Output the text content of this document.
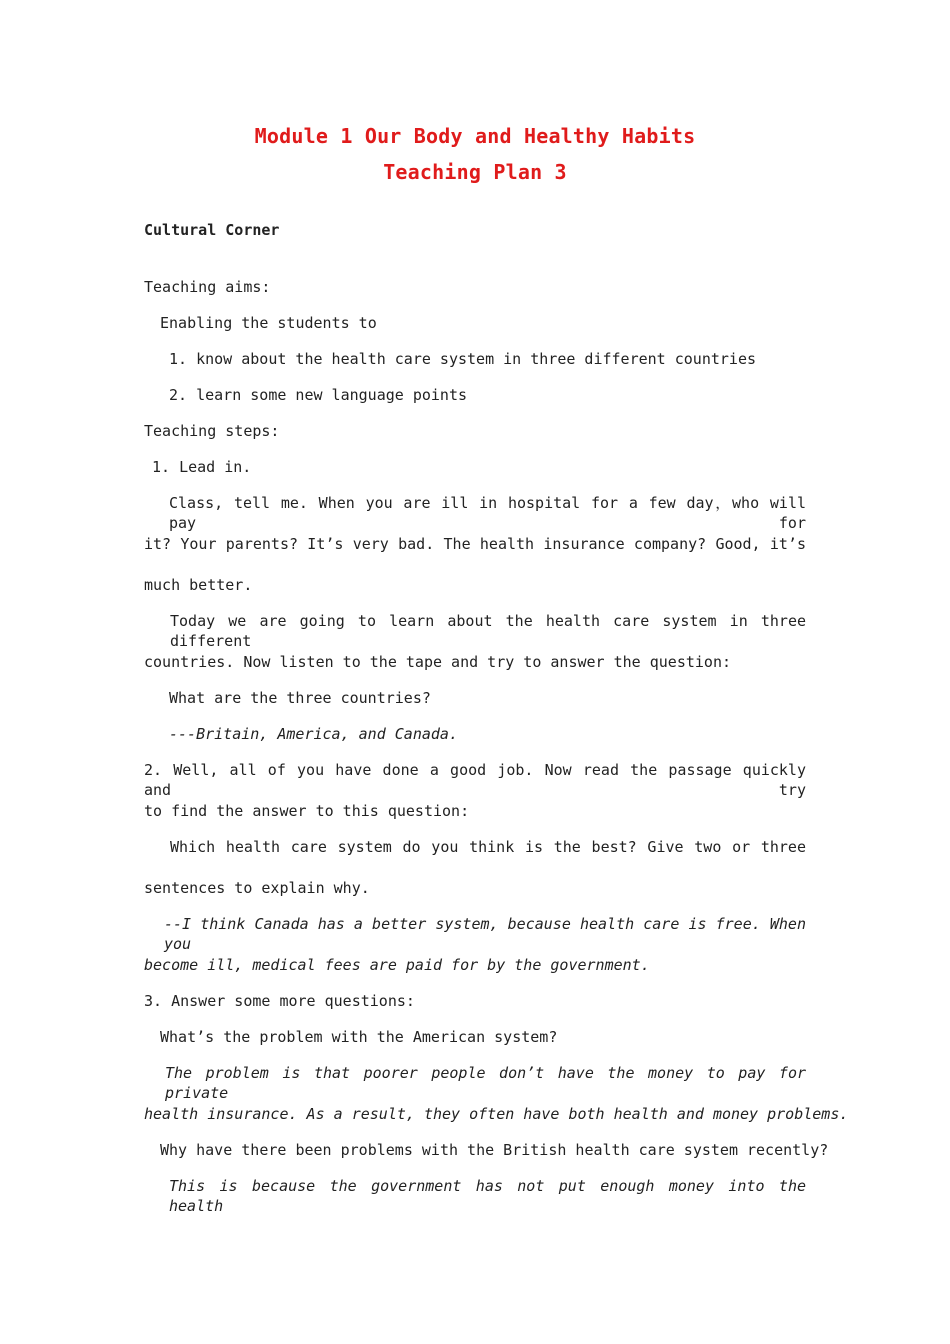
Module 1 Our Body and Healthy Habits
Teaching Plan 3
Cultural Corner
Teaching aims:
Enabling the students to
1. know about the health care system in three different countries
2. learn some new language points
Teaching steps:
1. Lead in.
Class, tell me. When you are ill in hospital for a few day，who will pay for
it? Your parents? It’s very bad. The health insurance company? Good, it’s
much better.
Today we are going to learn about the health care system in three different
countries. Now listen to the tape and try to answer the question:
What are the three countries?
---Britain, America, and Canada.
2. Well, all of you have done a good job. Now read the passage quickly and try
to find the answer to this question:
Which health care system do you think is the best? Give two or three
sentences to explain why.
--I think Canada has a better system, because health care is free. When you
become ill, medical fees are paid for by the government.
3. Answer some more questions:
What’s the problem with the American system?
The problem is that poorer people don’t have the money to pay for private
health insurance. As a result, they often have both health and money problems.
Why have there been problems with the British health care system recently?
This is because the government has not put enough money into the health
